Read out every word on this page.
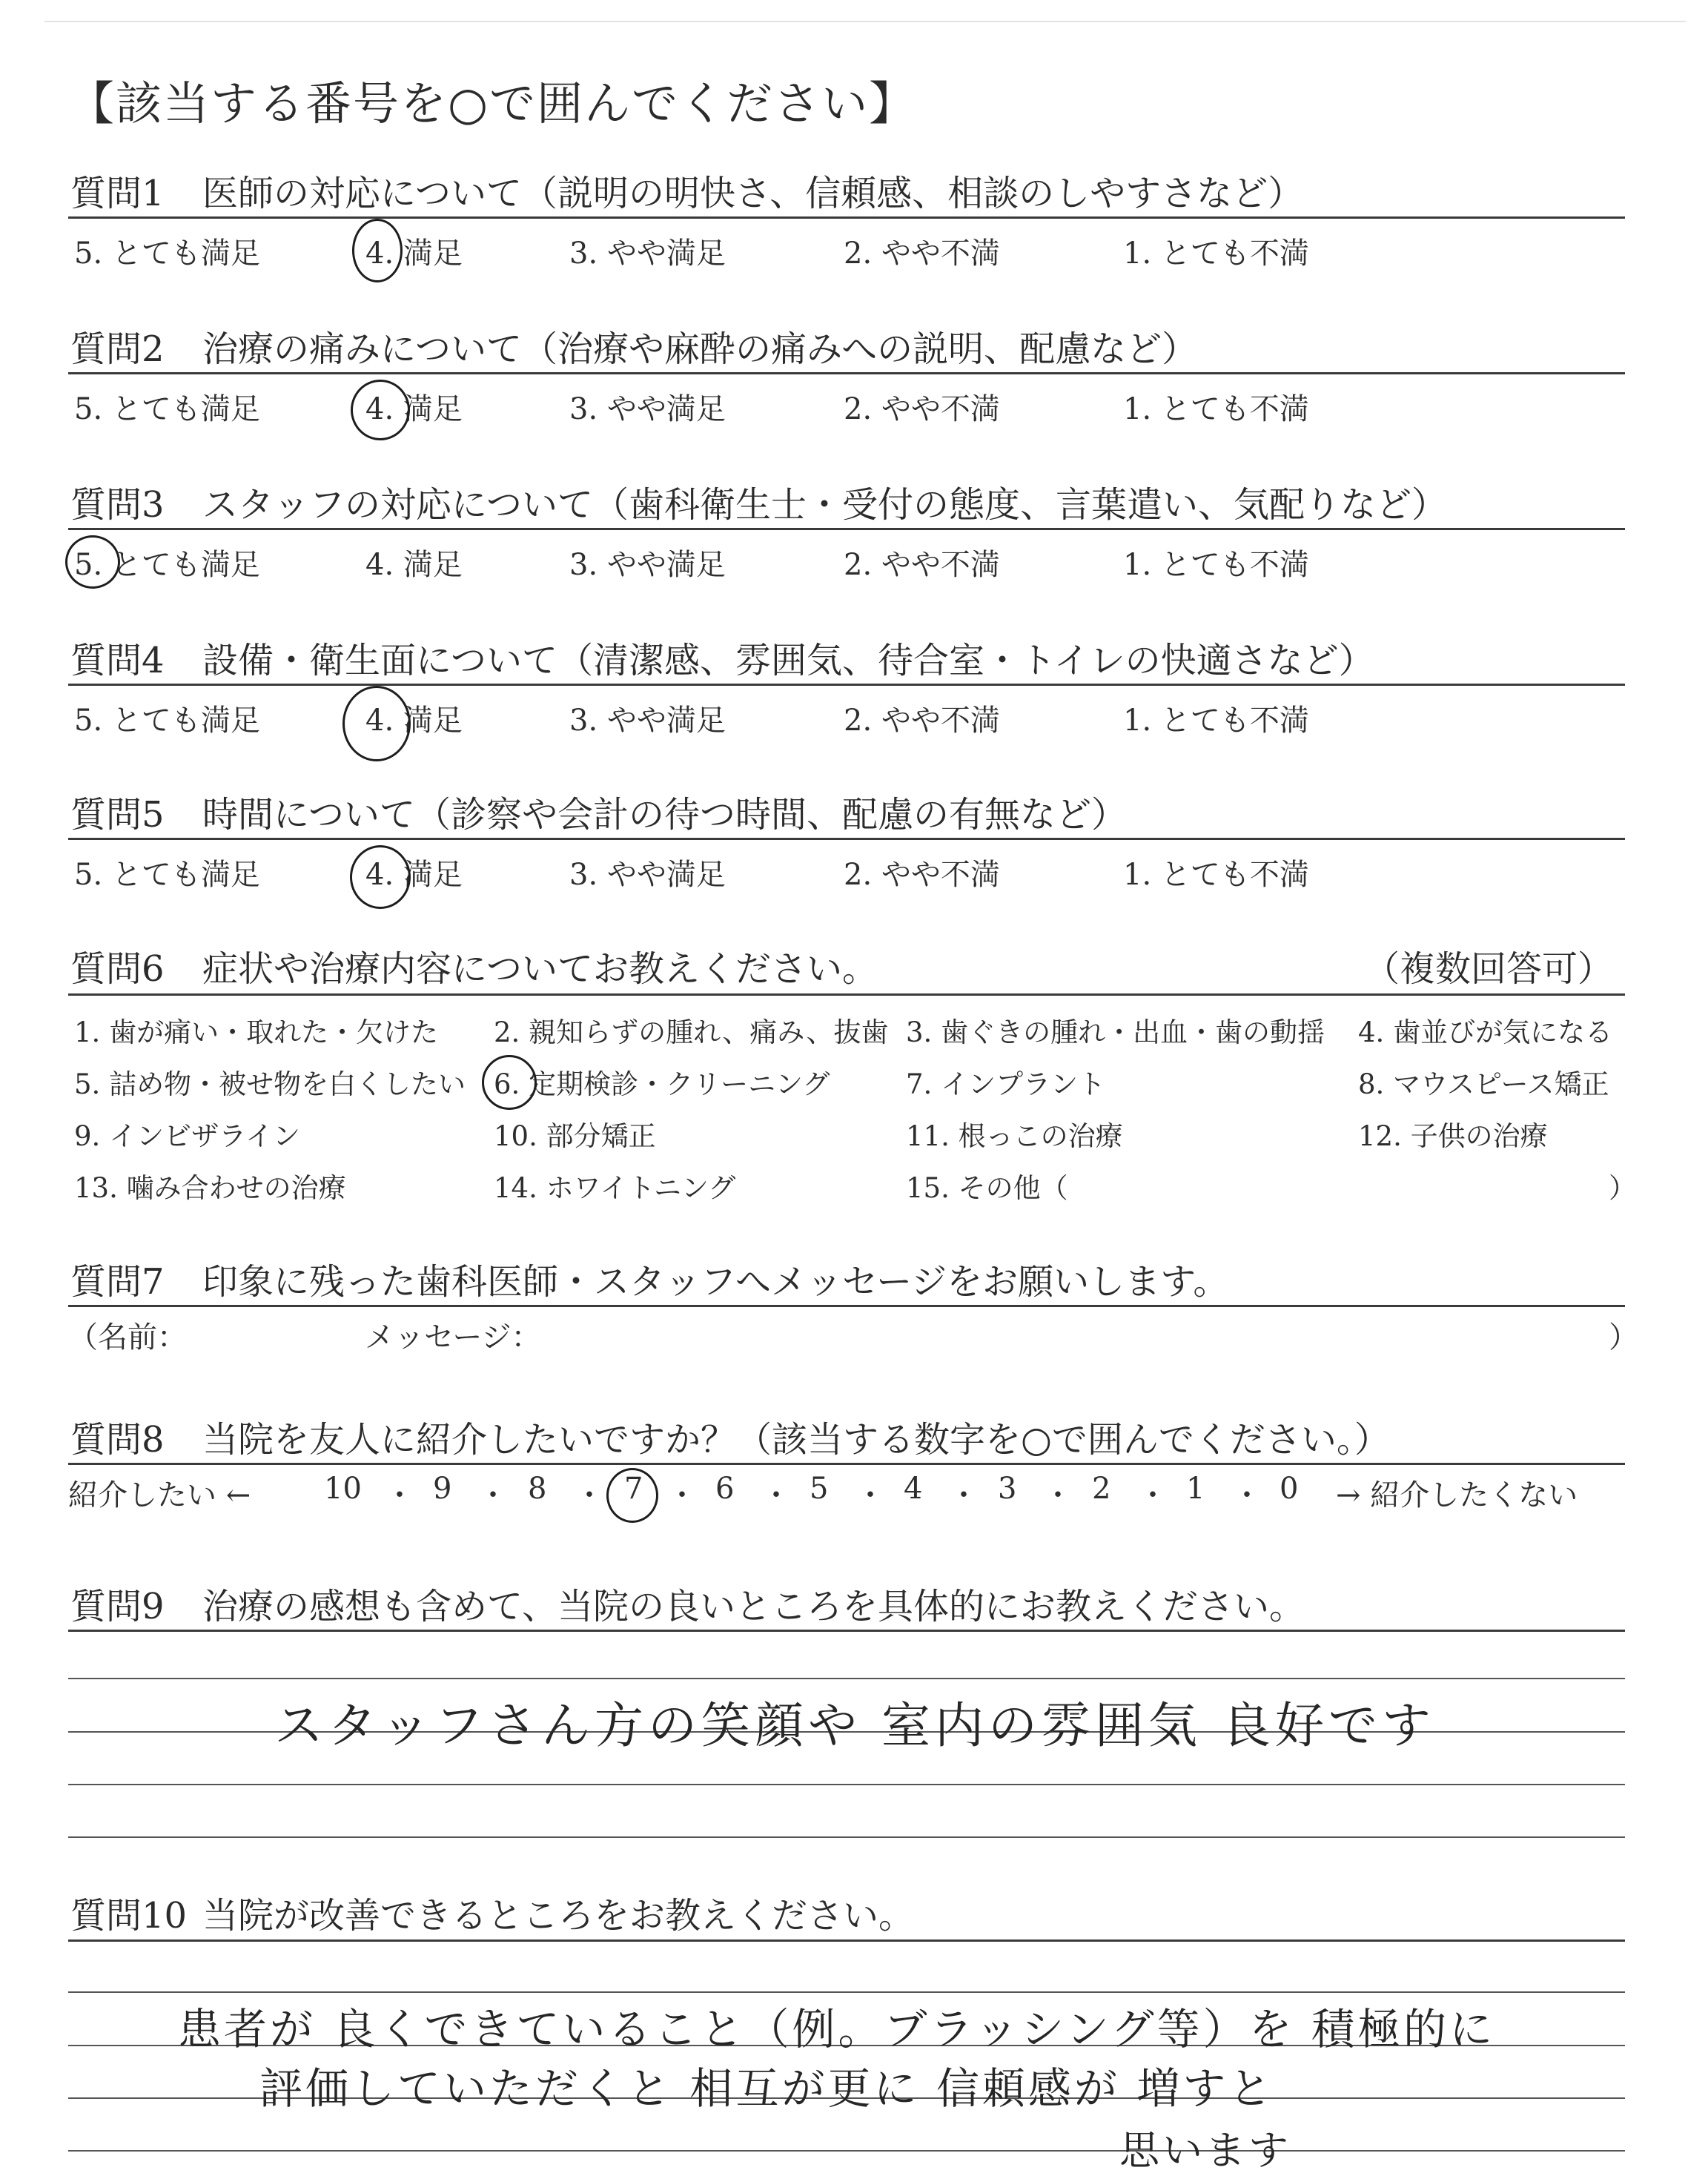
【該当する番号を○で囲んでください】
質問1 医師の対応について（説明の明快さ、信頼感、相談のしやすさなど）
5. とても満足	4. 満足	3. やや満足	2. やや不満	1. とても不満
質問2 治療の痛みについて（治療や麻酔の痛みへの説明、配慮など）
5. とても満足	4. 満足	3. やや満足	2. やや不満	1. とても不満
質問3 スタッフの対応について（歯科衛生士・受付の態度、言葉遣い、気配りなど）
5. とても満足	4. 満足	3. やや満足	2. やや不満	1. とても不満
質問4 設備・衛生面について（清潔感、雰囲気、待合室・トイレの快適さなど）
5. とても満足	4. 満足	3. やや満足	2. やや不満	1. とても不満
質問5 時間について（診察や会計の待つ時間、配慮の有無など）
5. とても満足	4. 満足	3. やや満足	2. やや不満	1. とても不満
質問6 症状や治療内容についてお教えください。	（複数回答可）
1. 歯が痛い・取れた・欠けた 2. 親知らずの腫れ、痛み、抜歯 3. 歯ぐきの腫れ・出血・歯の動揺 4. 歯並びが気になる
5. 詰め物・被せ物を白くしたい 6. 定期検診・クリーニング	7. インプラント	8. マウスピース矯正
9. インビザライン	10. 部分矯正	11. 根っこの治療	12. 子供の治療
13. 噛み合わせの治療	14. ホワイトニング	15. その他（	）
質問7 印象に残った歯科医師・スタッフへメッセージをお願いします。
（名前：	メッセージ：	）
質問8 当院を友人に紹介したいですか？（該当する数字を○で囲んでください。）
紹介したい ← 10 ・ 9 ・ 8 ・ 7 ・ 6 ・ 5 ・ 4 ・ 3 ・ 2 ・ 1 ・ 0 → 紹介したくない
質問9 治療の感想も含めて、当院の良いところを具体的にお教えください。
スタッフさん方の笑顔や 室内の雰囲気 良好です
質問10 当院が改善できるところをお教えください。
患者が 良くできていること（例。ブラッシング等）を 積極的に
評価していただくと 相互が更に 信頼感が 増すと
思います
